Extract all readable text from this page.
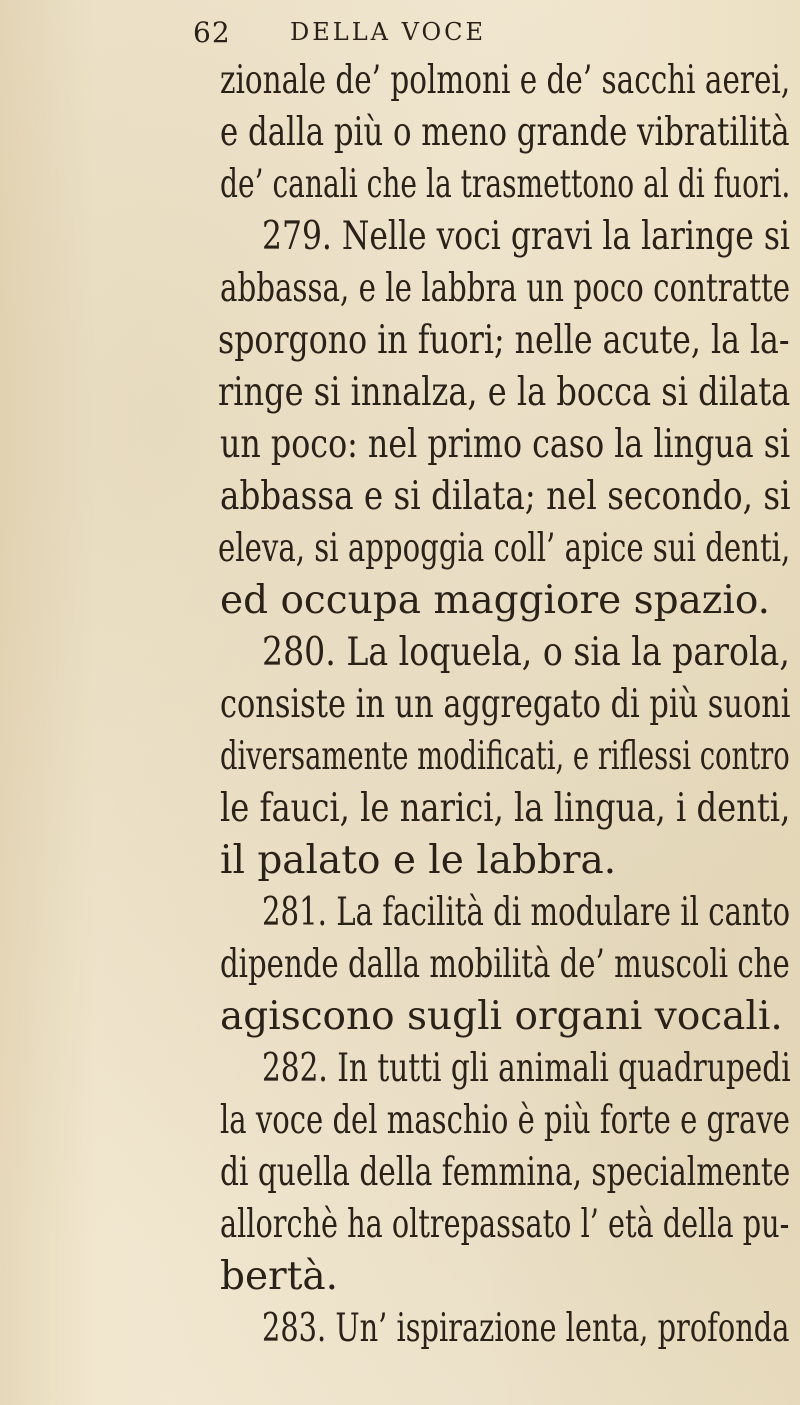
62 DELLA VOCE
zionale de’ polmoni e de’ sacchi aerei,
e dalla più o meno grande vibratilità
de’ canali che la trasmettono al di fuori.
279. Nelle voci gravi la laringe si
abbassa, e le labbra un poco contratte
sporgono in fuori; nelle acute, la la-
ringe si innalza, e la bocca si dilata
un poco: nel primo caso la lingua si
abbassa e si dilata; nel secondo, si
eleva, si appoggia coll’ apice sui denti,
ed occupa maggiore spazio.
280. La loquela, o sia la parola,
consiste in un aggregato di più suoni
diversamente modificati, e riflessi contro
le fauci, le narici, la lingua, i denti,
il palato e le labbra.
281. La facilità di modulare il canto
dipende dalla mobilità de’ muscoli che
agiscono sugli organi vocali.
282. In tutti gli animali quadrupedi
la voce del maschio è più forte e grave
di quella della femmina, specialmente
allorchè ha oltrepassato l’ età della pu-
bertà.
283. Un’ ispirazione lenta, profonda
